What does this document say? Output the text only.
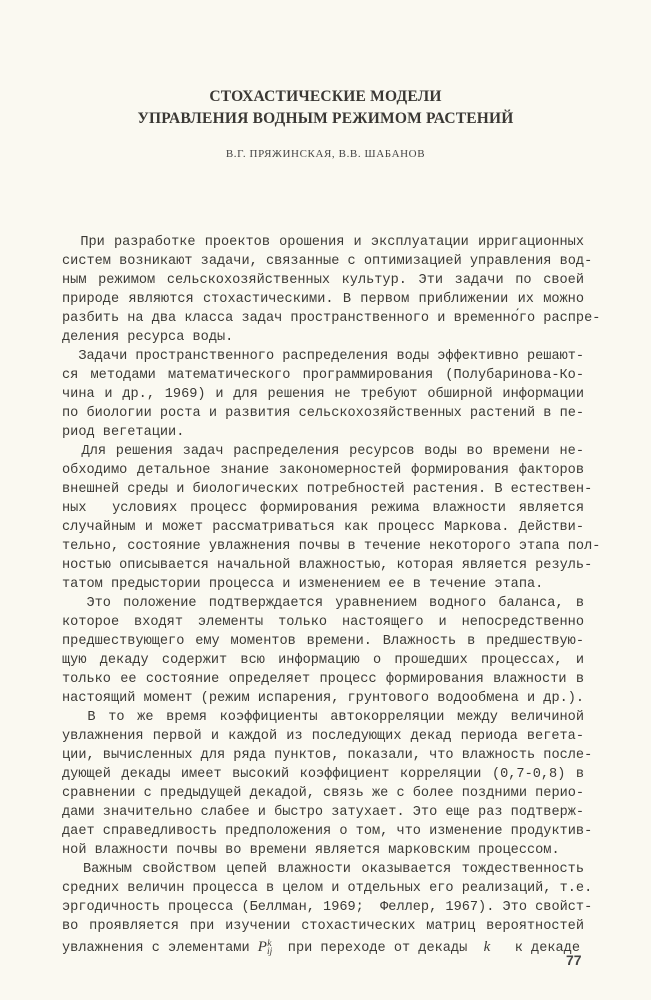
СТОХАСТИЧЕСКИЕ МОДЕЛИ
УПРАВЛЕНИЯ ВОДНЫМ РЕЖИМОМ РАСТЕНИЙ
В.Г. ПРЯЖИНСКАЯ, В.В. ШАБАНОВ
При разработке проектов орошения и эксплуатации ирригационных
систем возникают задачи, связанные с оптимизацией управления вод-
ным режимом сельскохозяйственных культур. Эти задачи по своей
природе являются стохастическими. В первом приближении их можно
разбить на два класса задач пространственного и временно́го распре-
деления ресурса воды.
Задачи пространственного распределения воды эффективно решают-
ся методами математического программирования (Полубаринова-Ко-
чина и др., 1969) и для решения не требуют обширной информации
по биологии роста и развития сельскохозяйственных растений в пе-
риод вегетации.
Для решения задач распределения ресурсов воды во времени не-
обходимо детальное знание закономерностей формирования факторов
внешней среды и биологических потребностей растения. В естествен-
ных  условиях процесс формирования режима влажности является
случайным и может рассматриваться как процесс Маркова. Действи-
тельно, состояние увлажнения почвы в течение некоторого этапа пол-
ностью описывается начальной влажностью, которая является резуль-
татом предыстории процесса и изменением ее в течение этапа.
Это положение подтверждается уравнением водного баланса, в
которое входят элементы только настоящего и непосредственно
предшествующего ему моментов времени. Влажность в предшествую-
щую декаду содержит всю информацию о прошедших процессах, и
только ее состояние определяет процесс формирования влажности в
настоящий момент (режим испарения, грунтового водообмена и др.).
В то же время коэффициенты автокорреляции между величиной
увлажнения первой и каждой из последующих декад периода вегета-
ции, вычисленных для ряда пунктов, показали, что влажность после-
дующей декады имеет высокий коэффициент корреляции (0,7-0,8) в
сравнении с предыдущей декадой, связь же с более поздними перио-
дами значительно слабее и быстро затухает. Это еще раз подтверж-
дает справедливость предположения о том, что изменение продуктив-
ной влажности почвы во времени является марковским процессом.
Важным свойством цепей влажности оказывается тождественность
средних величин процесса в целом и отдельных его реализаций, т.е.
эргодичность процесса (Беллман, 1969;  Феллер, 1967). Это свойст-
во проявляется при изучении стохастических матриц вероятностей
увлажнения с элементами $P_{ij}^k$  при переходе от декады  k   к декаде
77
